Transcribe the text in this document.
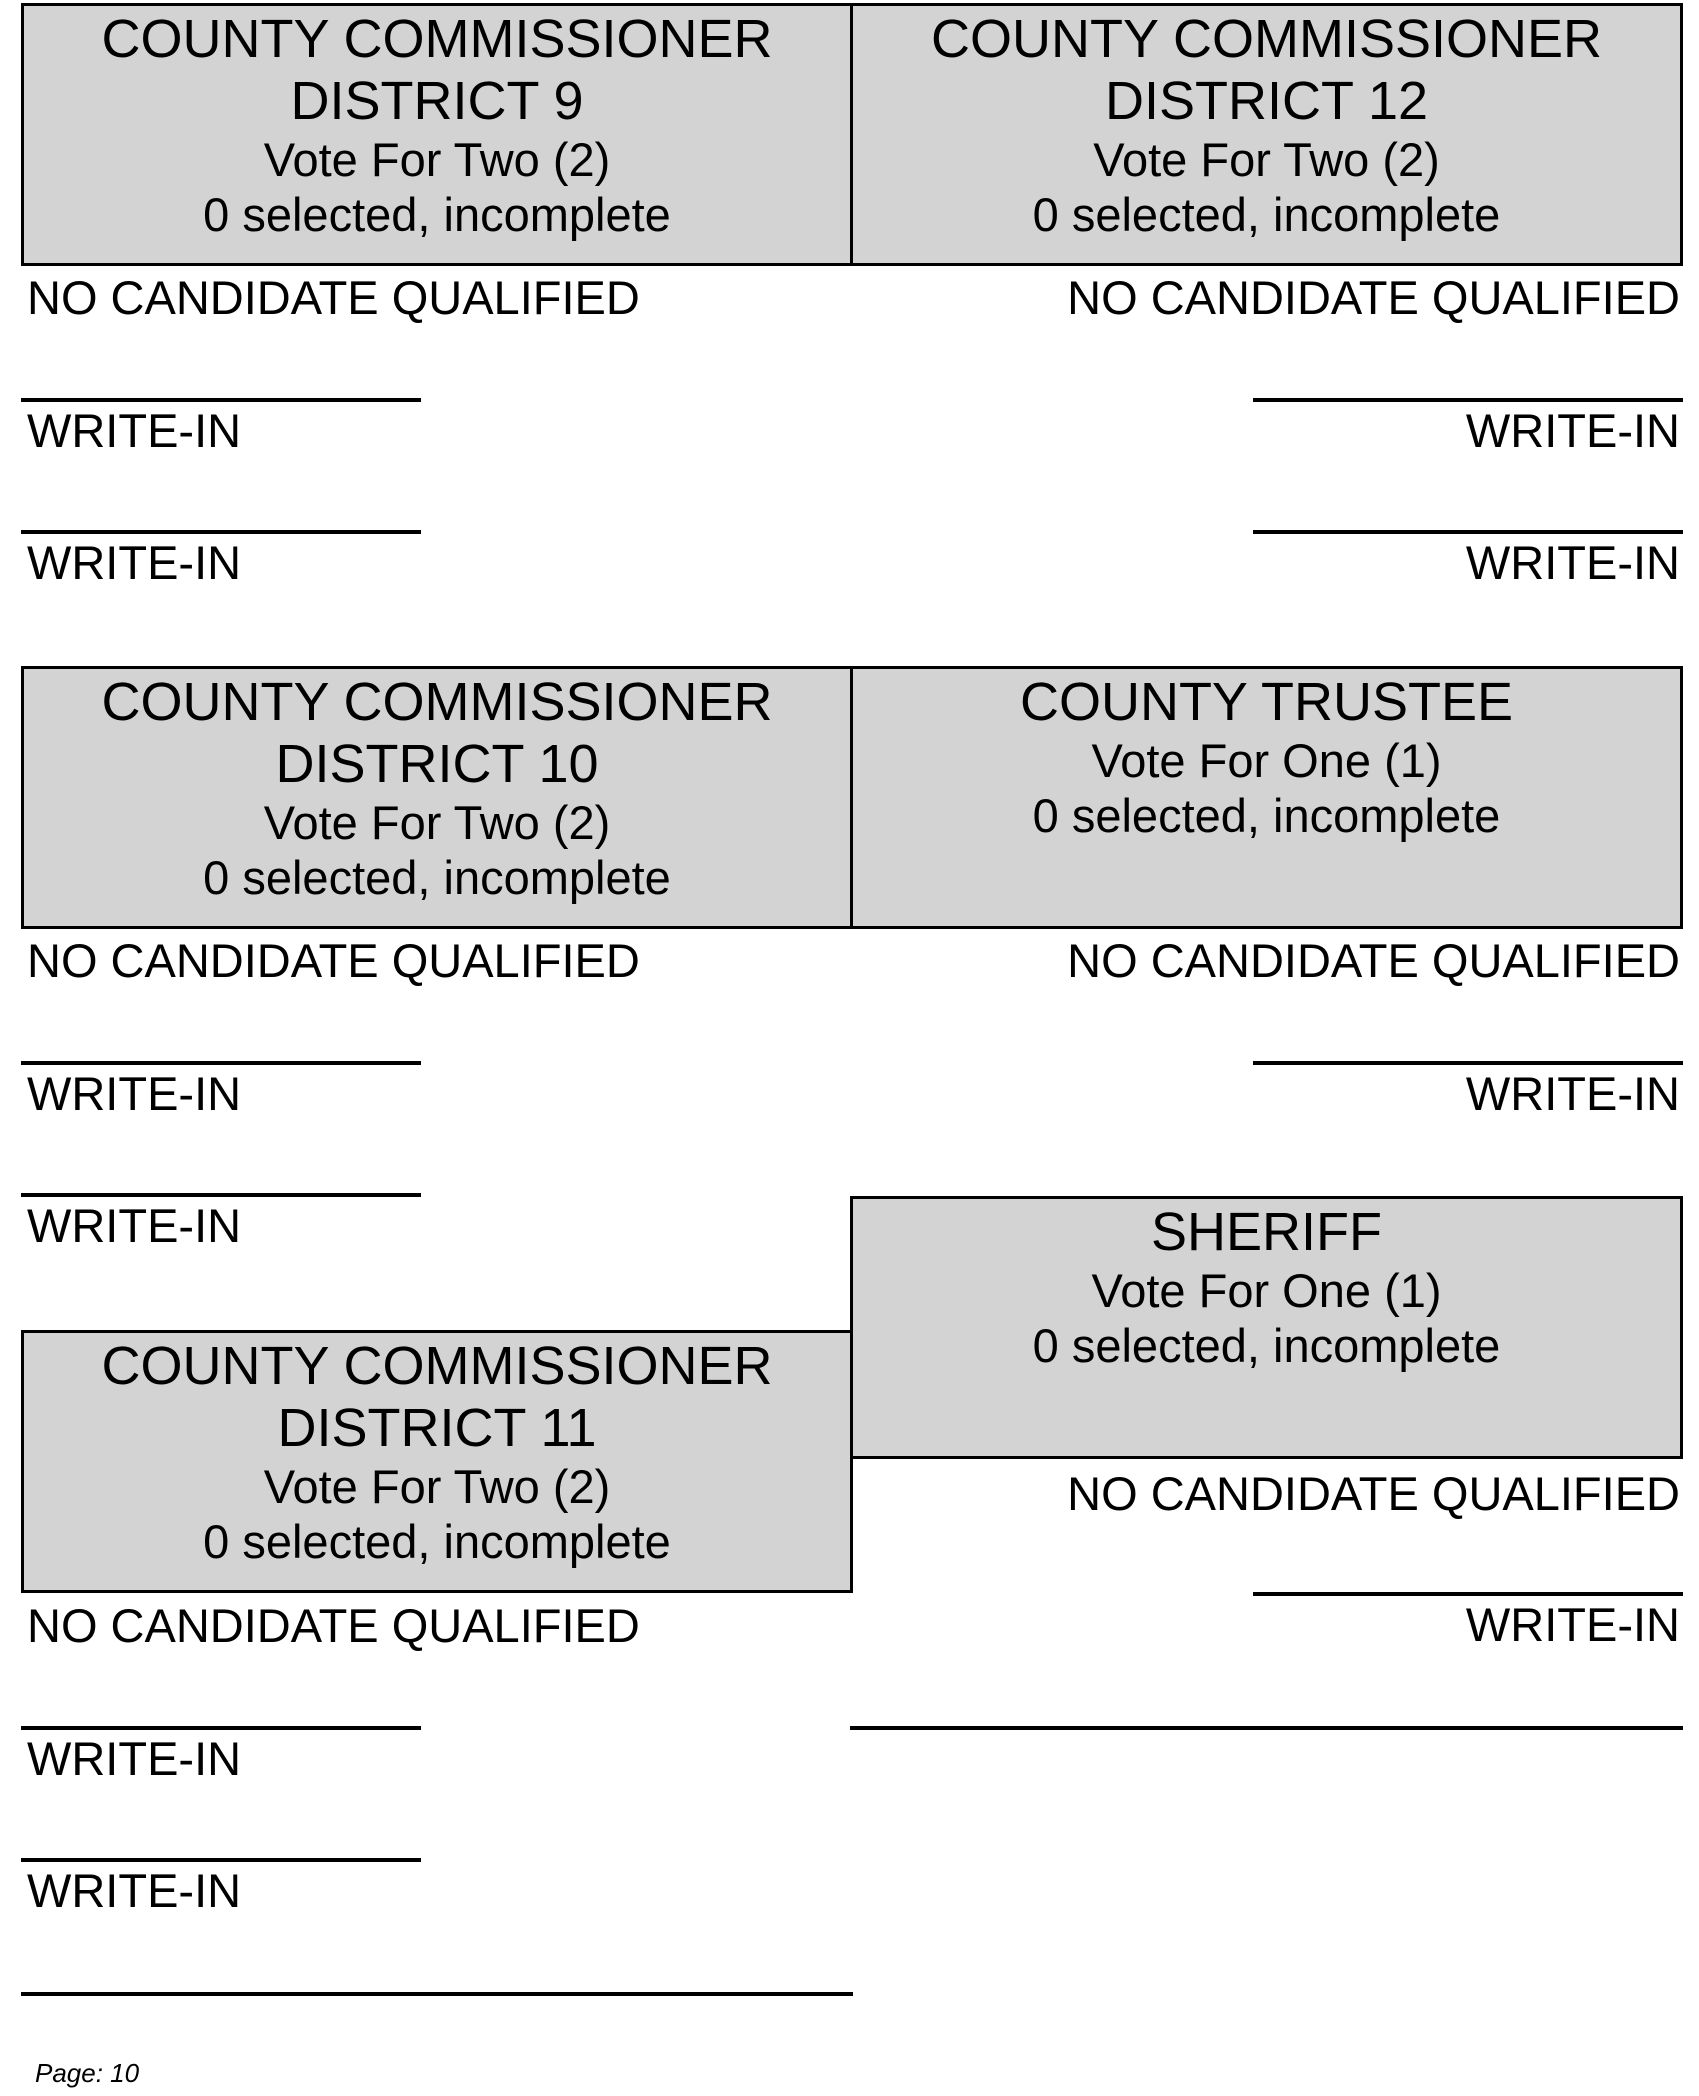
COUNTY COMMISSIONER
DISTRICT 9
Vote For Two (2)
0 selected, incomplete
NO CANDIDATE QUALIFIED
WRITE-IN
WRITE-IN
COUNTY COMMISSIONER
DISTRICT 12
Vote For Two (2)
0 selected, incomplete
NO CANDIDATE QUALIFIED
WRITE-IN
WRITE-IN
COUNTY COMMISSIONER
DISTRICT 10
Vote For Two (2)
0 selected, incomplete
NO CANDIDATE QUALIFIED
WRITE-IN
WRITE-IN
COUNTY TRUSTEE
Vote For One (1)
0 selected, incomplete
NO CANDIDATE QUALIFIED
WRITE-IN
SHERIFF
Vote For One (1)
0 selected, incomplete
NO CANDIDATE QUALIFIED
WRITE-IN
COUNTY COMMISSIONER
DISTRICT 11
Vote For Two (2)
0 selected, incomplete
NO CANDIDATE QUALIFIED
WRITE-IN
WRITE-IN
Page: 10
